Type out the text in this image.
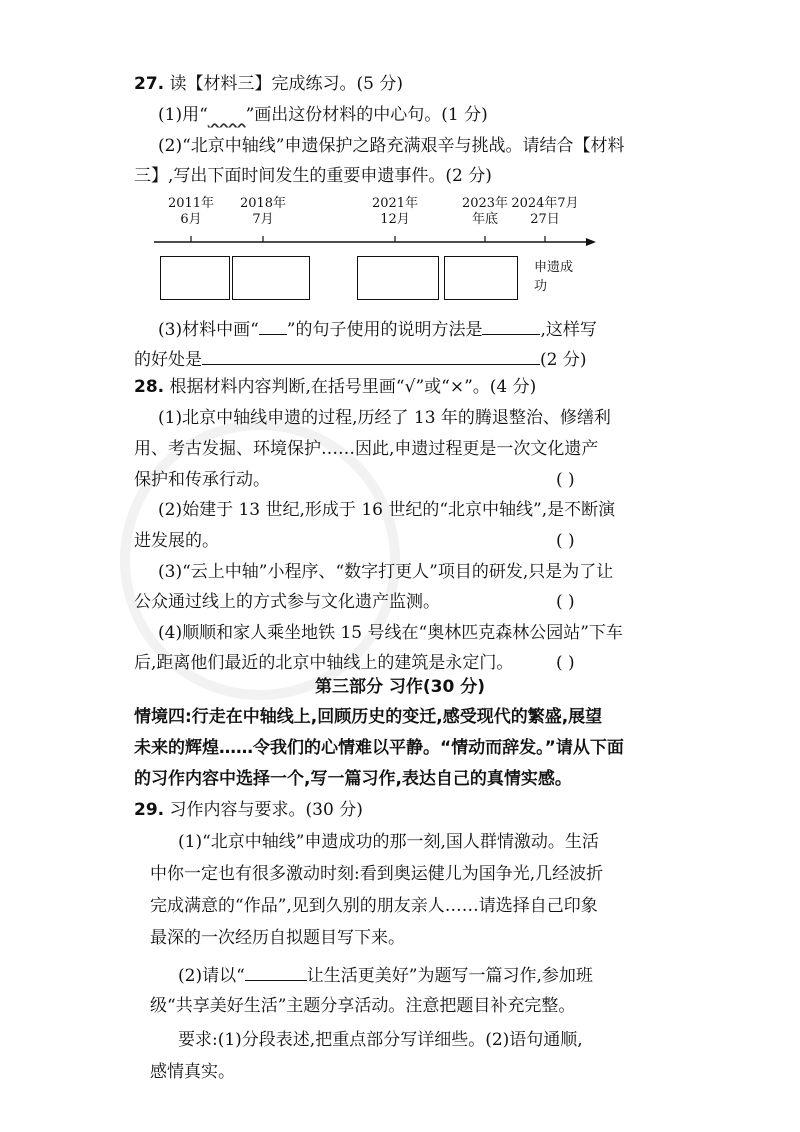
27. 读【材料三】完成练习。(5 分)
(1)用“ ”画出这份材料的中心句。(1 分)
(2)“北京中轴线”申遗保护之路充满艰辛与挑战。请结合【材料
三】,写出下面时间发生的重要申遗事件。(2 分)
2011年
6月
2018年
7月
2021年
12月
2023年
年底
2024年7月
27日
申遗成功
(3)材料中画“ ”的句子使用的说明方法是	,这样写
的好处是	(2 分)
28. 根据材料内容判断,在括号里画“√”或“×”。(4 分)
(1)北京中轴线申遗的过程,历经了 13 年的腾退整治、修缮利
用、考古发掘、环境保护……因此,申遗过程更是一次文化遗产
保护和传承行动。	( )
(2)始建于 13 世纪,形成于 16 世纪的“北京中轴线”,是不断演
进发展的。	( )
(3)“云上中轴”小程序、“数字打更人”项目的研发,只是为了让
公众通过线上的方式参与文化遗产监测。	( )
(4)顺顺和家人乘坐地铁 15 号线在“奥林匹克森林公园站”下车
后,距离他们最近的北京中轴线上的建筑是永定门。	( )
第三部分 习作(30 分)
情境四:行走在中轴线上,回顾历史的变迁,感受现代的繁盛,展望
未来的辉煌……令我们的心情难以平静。“情动而辞发。”请从下面
的习作内容中选择一个,写一篇习作,表达自己的真情实感。
29. 习作内容与要求。(30 分)
(1)“北京中轴线”申遗成功的那一刻,国人群情激动。生活
中你一定也有很多激动时刻:看到奥运健儿为国争光,几经波折
完成满意的“作品”,见到久别的朋友亲人……请选择自己印象
最深的一次经历自拟题目写下来。
(2)请以“	让生活更美好”为题写一篇习作,参加班
级“共享美好生活”主题分享活动。注意把题目补充完整。
要求:(1)分段表述,把重点部分写详细些。(2)语句通顺,
感情真实。
